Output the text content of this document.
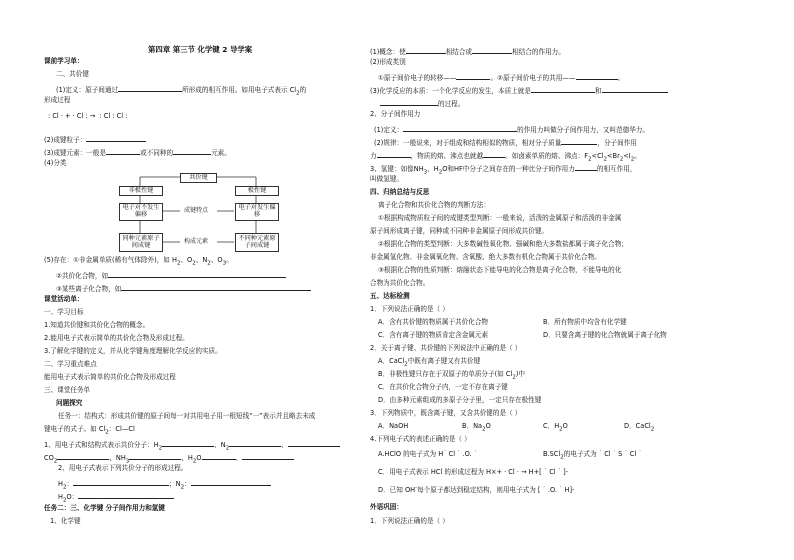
第四章 第三节 化学键 2 导学案
课前学习单：
二、共价键
(1)定义：原子间通过	所形成的相互作用。如用电子式表示 $Cl_2$的
形成过程
: Cl · + · Cl : → : Cl : Cl :
(2)成键粒子：
(3)成键元素：一般是	或不同种的	元素。
(4)分类
共价键
非极性键	极性键
电子对不发生偏移
成键特点	电子对发生偏移
同种元素原子间成键	构成元素	不同种元素原子间成键
(5)存在：①非金属单质(稀有气体除外)，如 $H_2$、$O_2$、$N_2$、$O_3$。
②共价化合物，如
③某些离子化合物，如
课堂活动单：
一、学习目标
1.知道共价键和共价化合物的概念。
2.能用电子式表示简单的共价化合物及形成过程。
3.了解化学键的定义，并从化学键角度理解化学反应的实质。
二、学习重点难点
能用电子式表示简单的共价化合物及形成过程
三、课堂任务单
问题探究
任务一：结构式：形成共价键的原子间每一对共用电子用一根短线“一”表示并且略去未成
键电子的式子。如 $Cl_2$：Cl—Cl
1、用电子式和结构式表示共价分子：$H_2$	、$N_2$	、
$CO_2$	、$NH_3$	、$H_2O$	、
2、用电子式表示下列共价分子的形成过程。
$H_2$：	；$N_2$：
$H_2O$：
任务二：三、化学键 分子间作用力和氢键
1、化学键
(1)概念：使	相结合或	相结合的作用力。
(2)形成类别
①原子间价电子的转移——	。②原子间价电子的共用——	。
(3)化学反应的本质：一个化学反应的发生，本质上就是	和
的过程。
2、分子间作用力
(1)定义：	的作用力叫做分子间作用力，又叫范德华力。
(2)规律：一般说来，对于组成和结构相似的物质，相对分子质量	，分子间作用
力	，物质的熔、沸点也就越	。如卤素单质的熔、沸点：$F_2<Cl_2<Br_2<I_2$。
3、氢键：如像$NH_3$、$H_2O$和HF中分子之间存在的一种比分子间作用力	的相互作用，
叫做氢键。
四、归纳总结与反思
离子化合物和共价化合物的判断方法：
①根据构成物质粒子间的成键类型判断：一般来说，活泼的金属原子和活泼的非金属
原子间形成离子键，同种或不同种非金属原子间形成共价键。
②根据化合物的类型判断：大多数碱性氧化物、强碱和绝大多数盐都属于离子化合物；
非金属氢化物、非金属氧化物、含氧酸、绝大多数有机化合物属于共价化合物。
③根据化合物的性质判断：熔融状态下能导电的化合物是离子化合物，不能导电的化
合物为共价化合物。
五、达标检测
1．下列说法正确的是（ ）
A．含有共价键的物质属于共价化合物	B．所有物质中均含有化学键
C．含有离子键的物质肯定含金属元素	D．只要含离子键的化合物就属于离子化物
2．关于离子键、共价键的下列说法中正确的是（ ）
A．CaCl$_2$中既有离子键又有共价键
B．非极性键只存在于双原子的单质分子(如 $Cl_2$)中
C．在共价化合物分子内，一定不存在离子键
D．由多种元素组成的多原子分子里，一定只存在极性键
3．下列物质中，既含离子键，又含共价键的是（ ）
A．NaOH	B．$Na_2O$	C．$H_2O$	D．CaCl$_2$
4.下列电子式的表述正确的是（ ）
A.HClO 的电子式为 H˙ Cl ˙ .O. ˙	B.SCl$_2$的电子式为 ˙ Cl ˙ S ˙ Cl ˙
C．用电子式表示 HCl 的形成过程为 H×+ · Cl · → H+[ ˙ Cl ˙ ]-
D．已知 OH-每个原子都达到稳定结构，则用电子式为 [ ˙ .O. ˙ H]-
外语巩固：
1．下列说法正确的是（ ）
